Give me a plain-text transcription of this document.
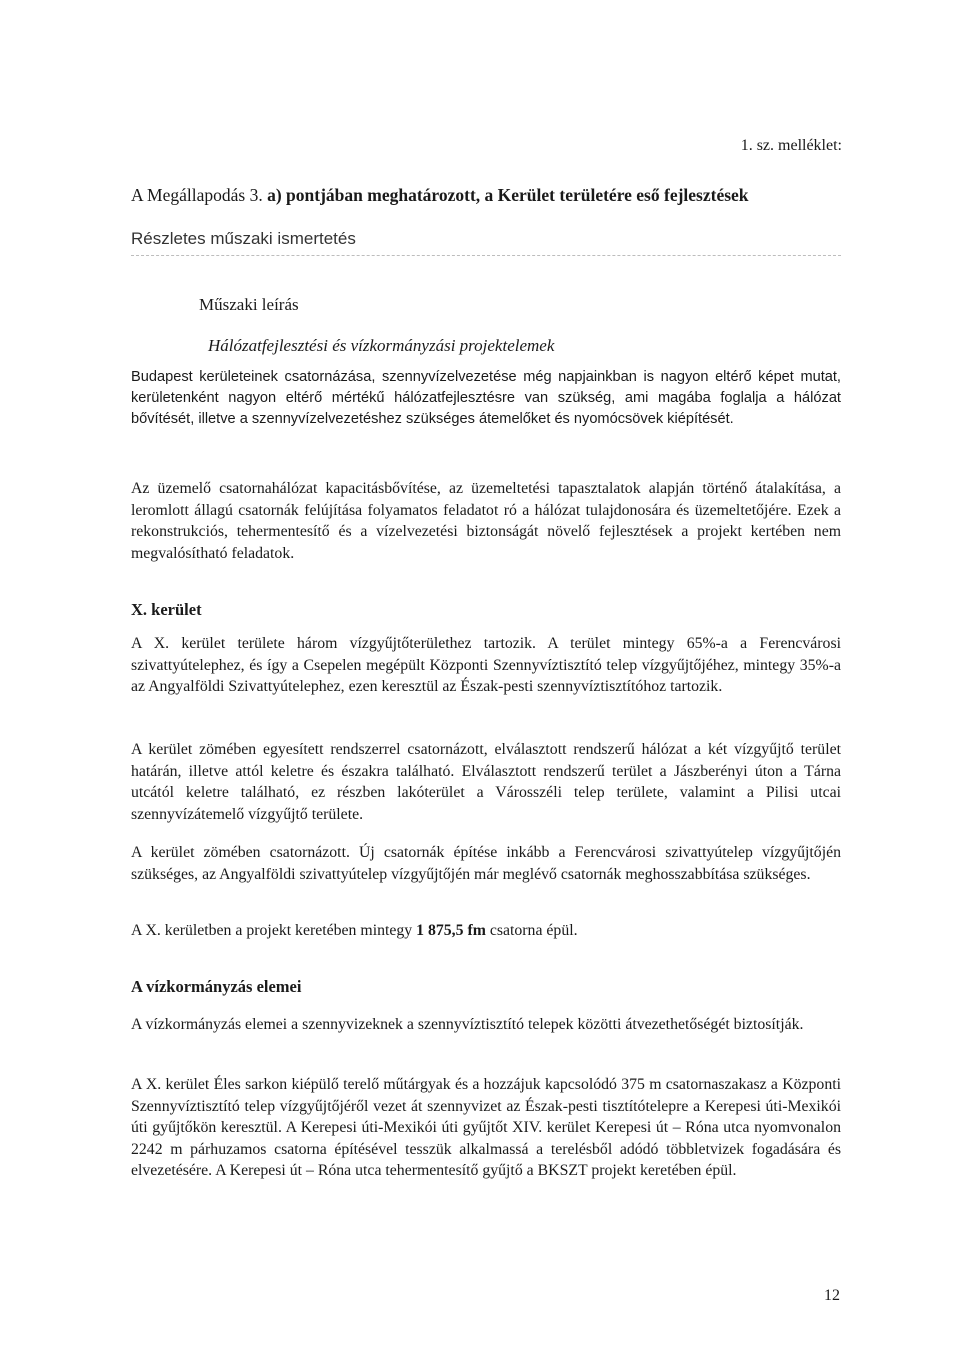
1. sz. melléklet:
A Megállapodás 3. a) pontjában meghatározott, a Kerület területére eső fejlesztések
Részletes műszaki ismertetés
Műszaki leírás
Hálózatfejlesztési és vízkormányzási projektelemek

Budapest kerületeinek csatornázása, szennyvízelvezetése még napjainkban is nagyon eltérő képet mutat, kerületenként nagyon eltérő mértékű hálózatfejlesztésre van szükség, ami magába foglalja a hálózat bővítését, illetve a szennyvízelvezetéshez szükséges átemelőket és nyomócsövek kiépítését.

Az üzemelő csatornahálózat kapacitásbővítése, az üzemeltetési tapasztalatok alapján történő átalakítása, a leromlott állagú csatornák felújítása folyamatos feladatot ró a hálózat tulajdonosára és üzemeltetőjére. Ezek a rekonstrukciós, tehermentesítő és a vízelvezetési biztonságát növelő fejlesztések a projekt kertében nem megvalósítható feladatok.

X. kerület

A X. kerület területe három vízgyűjtőterülethez tartozik. A terület mintegy 65%-a a Ferencvárosi szivattyútelephez, és így a Csepelen megépült Központi Szennyvíztisztító telep vízgyűjtőjéhez, mintegy 35%-a az Angyalföldi Szivattyútelephez, ezen keresztül az Észak-pesti szennyvíztisztítóhoz tartozik.

A kerület zömében egyesített rendszerrel csatornázott, elválasztott rendszerű hálózat a két vízgyűjtő terület határán, illetve attól keletre és északra található. Elválasztott rendszerű terület a Jászberényi úton a Tárna utcától keletre található, ez részben lakóterület a Városszéli telep területe, valamint a Pilisi utcai szennyvízátemelő vízgyűjtő területe.

A kerület zömében csatornázott. Új csatornák építése inkább a Ferencvárosi szivattyútelep vízgyűjtőjén szükséges, az Angyalföldi szivattyútelep vízgyűjtőjén már meglévő csatornák meghosszabbítása szükséges.

A X. kerületben a projekt keretében mintegy 1 875,5 fm csatorna épül.

A vízkormányzás elemei

A vízkormányzás elemei a szennyvizeknek a szennyvíztisztító telepek közötti átvezethetőségét biztosítják.

A X. kerület Éles sarkon kiépülő terelő műtárgyak és a hozzájuk kapcsolódó 375 m csatornaszakasz a Központi Szennyvíztisztító telep vízgyűjtőjéről vezet át szennyvizet az Észak-pesti tisztítótelepre a Kerepesi úti-Mexikói úti gyűjtőkön keresztül. A Kerepesi úti-Mexikói úti gyűjtőt XIV. kerület Kerepesi út – Róna utca nyomvonalon 2242 m párhuzamos csatorna építésével tesszük alkalmassá a terelésből adódó többletvizek fogadására és elvezetésére. A Kerepesi út – Róna utca tehermentesítő gyűjtő a BKSZT projekt keretében épül.

12
